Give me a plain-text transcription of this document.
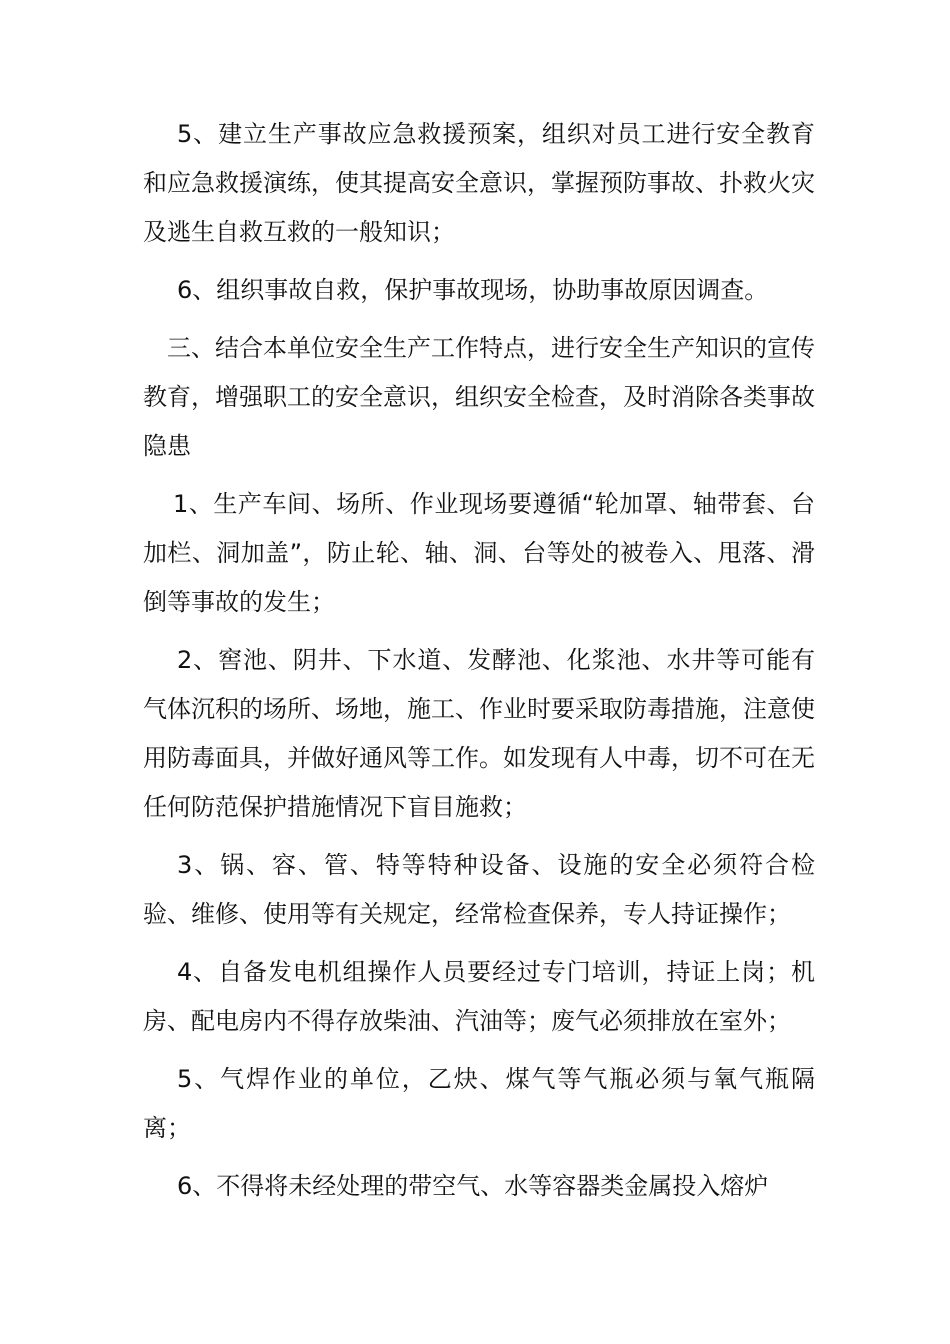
5、建立生产事故应急救援预案，组织对员工进行安全教育和应急救援演练，使其提高安全意识，掌握预防事故、扑救火灾及逃生自救互救的一般知识；

6、组织事故自救，保护事故现场，协助事故原因调查。

三、结合本单位安全生产工作特点，进行安全生产知识的宣传教育，增强职工的安全意识，组织安全检查，及时消除各类事故隐患

1、生产车间、场所、作业现场要遵循“轮加罩、轴带套、台加栏、洞加盖”，防止轮、轴、洞、台等处的被卷入、甩落、滑倒等事故的发生；

2、窖池、阴井、下水道、发酵池、化浆池、水井等可能有气体沉积的场所、场地，施工、作业时要采取防毒措施，注意使用防毒面具，并做好通风等工作。如发现有人中毒，切不可在无任何防范保护措施情况下盲目施救；

3、锅、容、管、特等特种设备、设施的安全必须符合检验、维修、使用等有关规定，经常检查保养，专人持证操作；

4、自备发电机组操作人员要经过专门培训，持证上岗；机房、配电房内不得存放柴油、汽油等；废气必须排放在室外；

5、气焊作业的单位，乙炔、煤气等气瓶必须与氧气瓶隔离；

6、不得将未经处理的带空气、水等容器类金属投入熔炉
